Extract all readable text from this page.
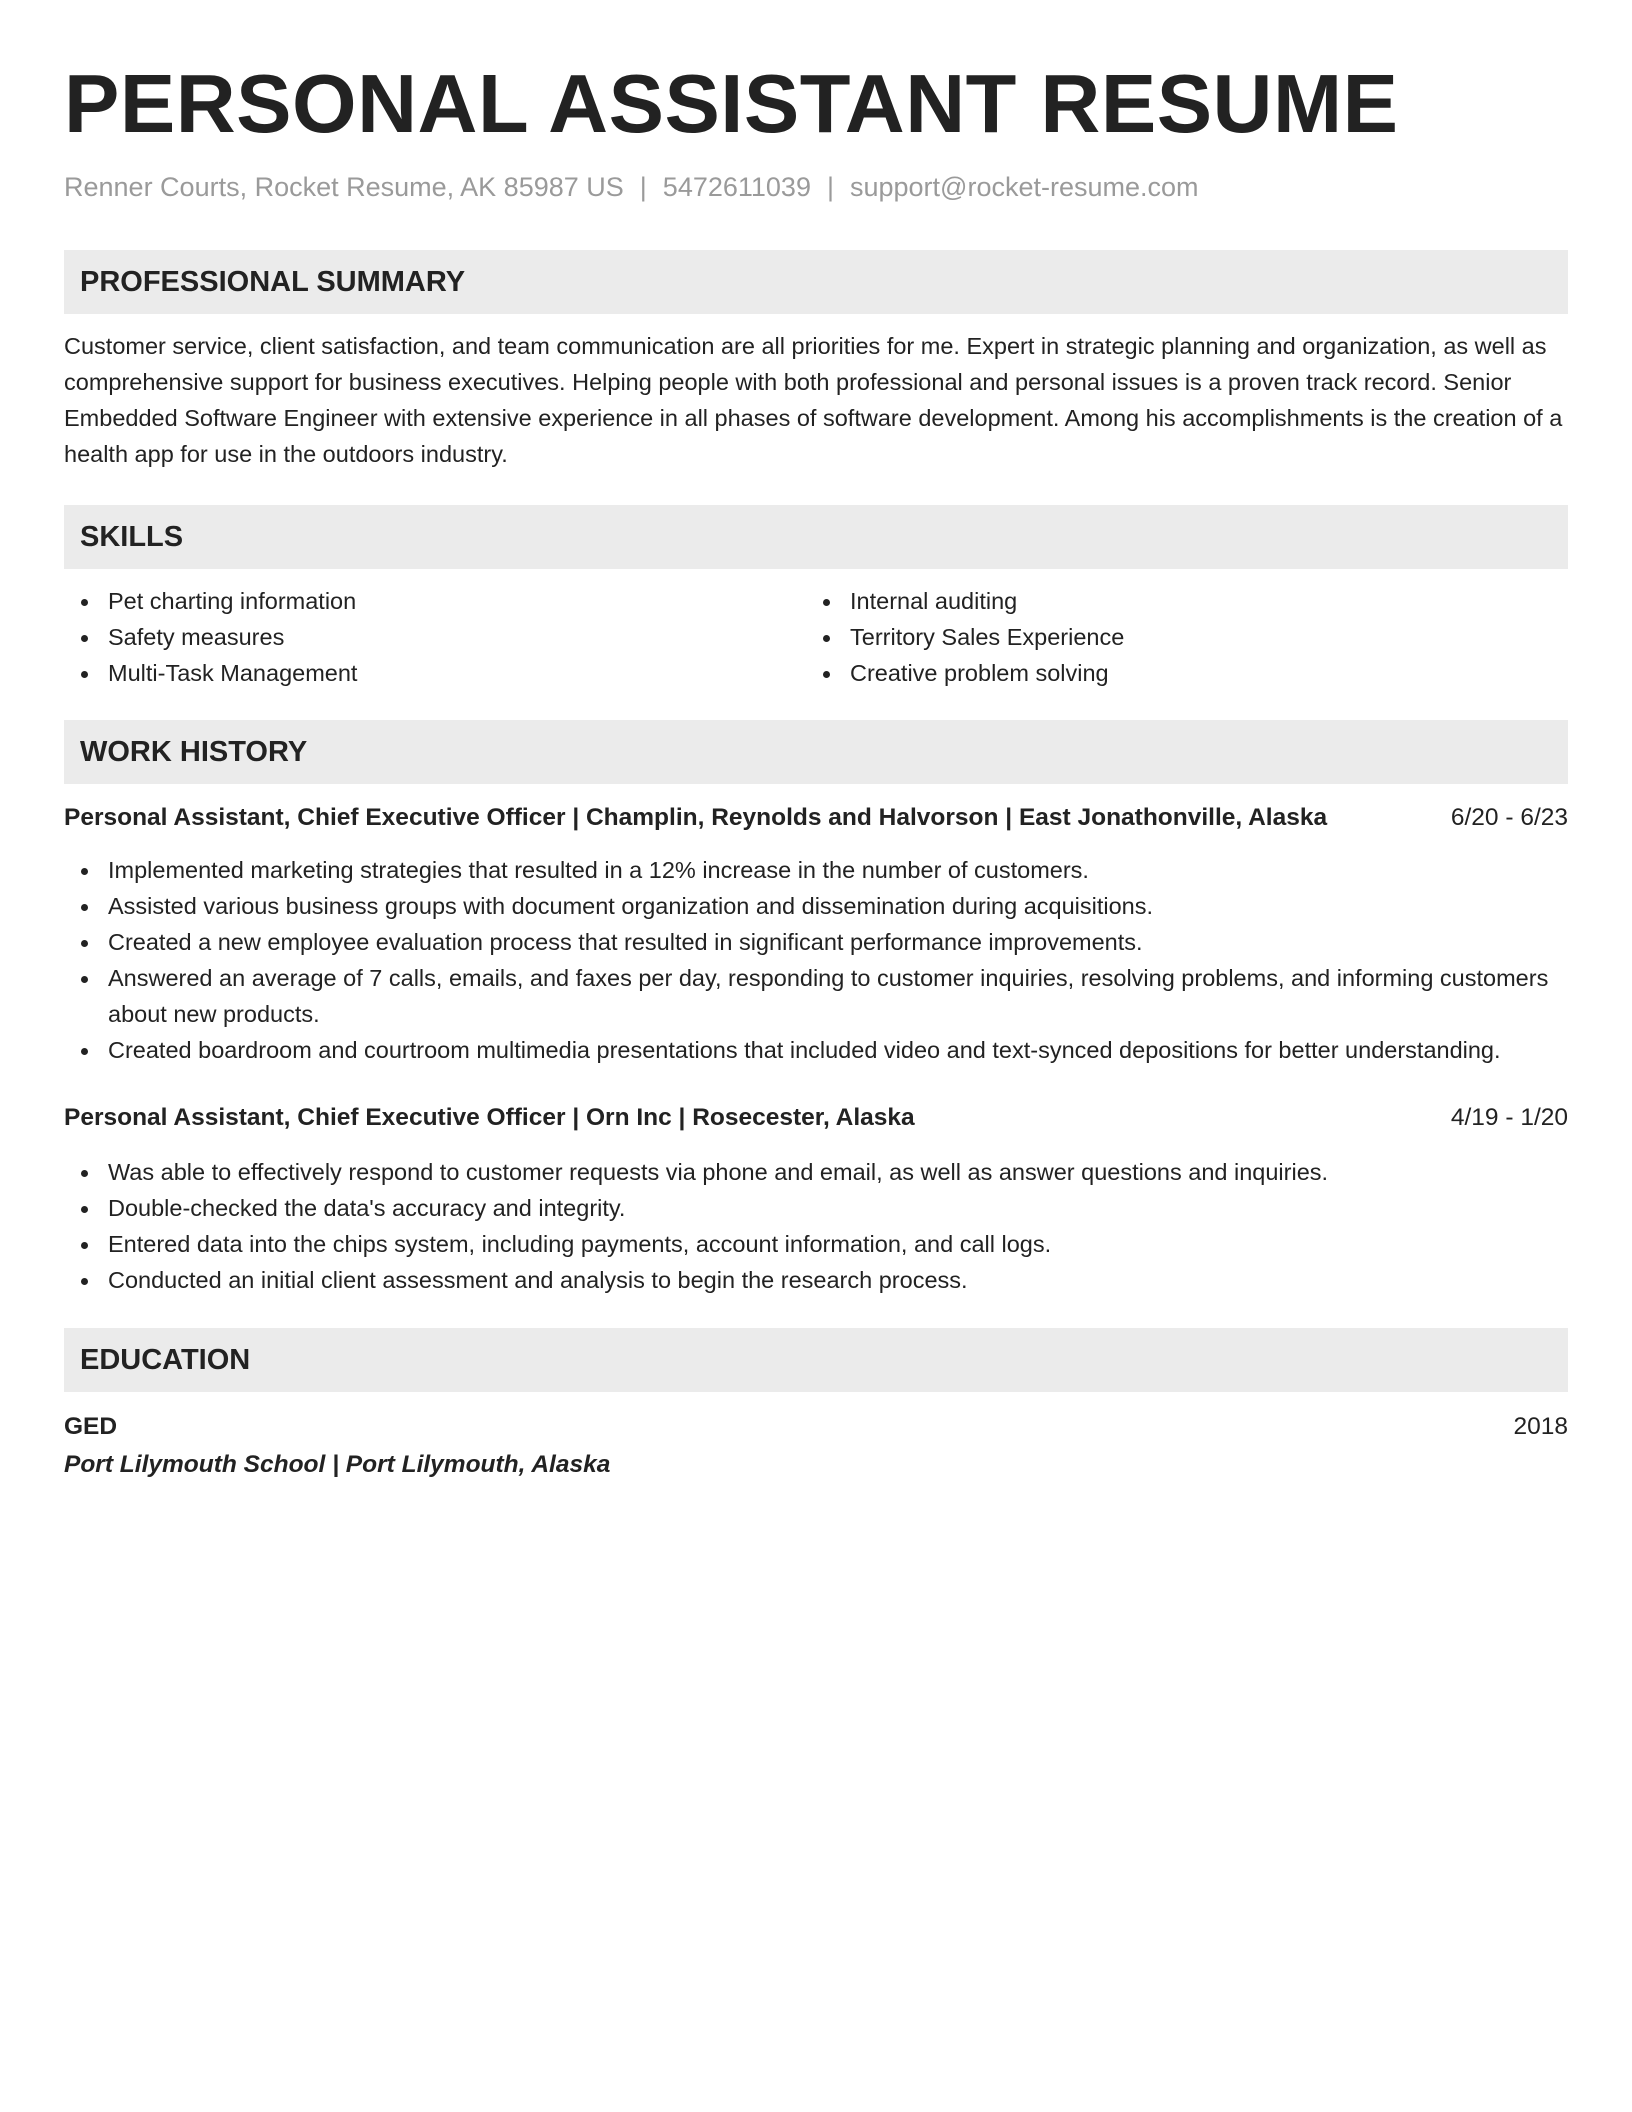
PERSONAL ASSISTANT RESUME
Renner Courts, Rocket Resume, AK 85987 US | 5472611039 | support@rocket-resume.com
PROFESSIONAL SUMMARY
Customer service, client satisfaction, and team communication are all priorities for me. Expert in strategic planning and organization, as well as comprehensive support for business executives. Helping people with both professional and personal issues is a proven track record. Senior Embedded Software Engineer with extensive experience in all phases of software development. Among his accomplishments is the creation of a health app for use in the outdoors industry.
SKILLS
Pet charting information
Safety measures
Multi-Task Management
Internal auditing
Territory Sales Experience
Creative problem solving
WORK HISTORY
Personal Assistant, Chief Executive Officer | Champlin, Reynolds and Halvorson | East Jonathonville, Alaska	6/20 - 6/23
Implemented marketing strategies that resulted in a 12% increase in the number of customers.
Assisted various business groups with document organization and dissemination during acquisitions.
Created a new employee evaluation process that resulted in significant performance improvements.
Answered an average of 7 calls, emails, and faxes per day, responding to customer inquiries, resolving problems, and informing customers about new products.
Created boardroom and courtroom multimedia presentations that included video and text-synced depositions for better understanding.
Personal Assistant, Chief Executive Officer | Orn Inc | Rosecester, Alaska	4/19 - 1/20
Was able to effectively respond to customer requests via phone and email, as well as answer questions and inquiries.
Double-checked the data's accuracy and integrity.
Entered data into the chips system, including payments, account information, and call logs.
Conducted an initial client assessment and analysis to begin the research process.
EDUCATION
GED	2018
Port Lilymouth School | Port Lilymouth, Alaska
